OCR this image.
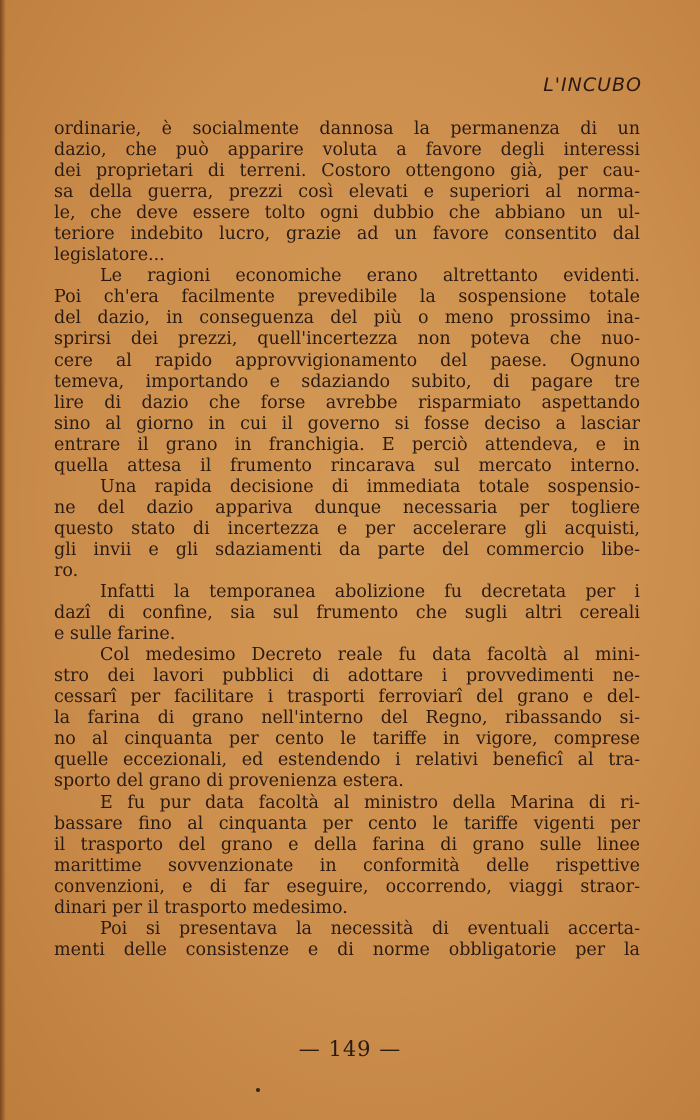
L'INCUBO
ordinarie, è socialmente dannosa la permanenza di un
dazio, che può apparire voluta a favore degli interessi
dei proprietari di terreni. Costoro ottengono già, per cau-
sa della guerra, prezzi così elevati e superiori al norma-
le, che deve essere tolto ogni dubbio che abbiano un ul-
teriore indebito lucro, grazie ad un favore consentito dal
legislatore...
Le ragioni economiche erano altrettanto evidenti.
Poi ch'era facilmente prevedibile la sospensione totale
del dazio, in conseguenza del più o meno prossimo ina-
sprirsi dei prezzi, quell'incertezza non poteva che nuo-
cere al rapido approvvigionamento del paese. Ognuno
temeva, importando e sdaziando subito, di pagare tre
lire di dazio che forse avrebbe risparmiato aspettando
sino al giorno in cui il governo si fosse deciso a lasciar
entrare il grano in franchigia. E perciò attendeva, e in
quella attesa il frumento rincarava sul mercato interno.
Una rapida decisione di immediata totale sospensio-
ne del dazio appariva dunque necessaria per togliere
questo stato di incertezza e per accelerare gli acquisti,
gli invii e gli sdaziamenti da parte del commercio libe-
ro.
Infatti la temporanea abolizione fu decretata per i
dazî di confine, sia sul frumento che sugli altri cereali
e sulle farine.
Col medesimo Decreto reale fu data facoltà al mini-
stro dei lavori pubblici di adottare i provvedimenti ne-
cessarî per facilitare i trasporti ferroviarî del grano e del-
la farina di grano nell'interno del Regno, ribassando si-
no al cinquanta per cento le tariffe in vigore, comprese
quelle eccezionali, ed estendendo i relativi beneficî al tra-
sporto del grano di provenienza estera.
E fu pur data facoltà al ministro della Marina di ri-
bassare fino al cinquanta per cento le tariffe vigenti per
il trasporto del grano e della farina di grano sulle linee
marittime sovvenzionate in conformità delle rispettive
convenzioni, e di far eseguire, occorrendo, viaggi straor-
dinari per il trasporto medesimo.
Poi si presentava la necessità di eventuali accerta-
menti delle consistenze e di norme obbligatorie per la
— 149 —
